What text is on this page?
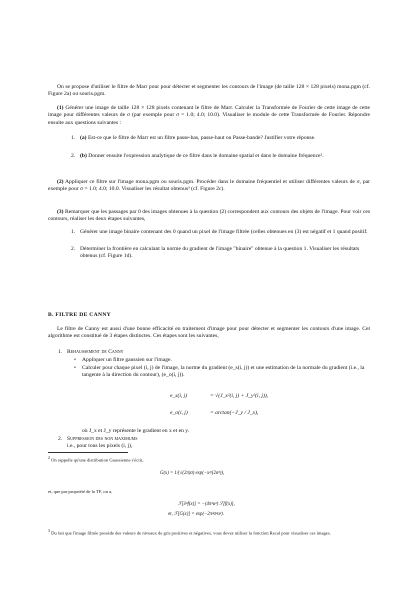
On se propose d'utiliser le filtre de Marr pour pour détecter et segmenter les contours de l'image (de taille 128 × 128 pixels) mona.pgm (cf. Figure 2a) ou souris.pgm.

(1) Générer une image de taille 128 × 128 pixels contenant le filtre de Marr. Calculer la Transformée de Fourier de cette image de cette image pour différentes valeurs de σ (par exemple pour σ = 1.0; 4.0; 10.0). Visualiser le module de cette Transformée de Fourier. Répondre ensuite aux questions suivantes :

1. (a) Est-ce que le filtre de Marr est un filtre passe-bas, passe-haut ou Passe-bande? Justifier votre réponse.
2. (b) Donner ensuite l'expression analytique de ce filtre dans le domaine spatial et dans le domaine fréquence².

(2) Appliquer ce filtre sur l'image mona.pgm ou souris.pgm. Procéder dans le domaine fréquentiel et utiliser différentes valeurs de σ, par exemple pour σ = 1.0; 4.0; 10.0. Visualiser les résultat obtenus³ (cf. Figure 2c).

(3) Remarquer que les passages par 0 des images obtenues à la question (2) correspondent aux contours des objets de l'image. Pour voir ces contours, réaliser les deux étapes suivantes,

1. Générer une image binaire contenant des 0 quand un pixel de l'image filtrée (celles obtenues en (3) est négatif et 1 quand positif.
2. Déterminer la frontière en calculant la norme du gradient de l'image "binaire" obtenue à la question 1. Visualiser les résultats obtenus (cf. Figure 1d).
B. FILTRE DE CANNY

Le filtre de Canny est aussi d'une bonne efficacité en traitement d'image pour pour détecter et segmenter les contours d'une image. Cet algorithme est constitué de 3 étapes distinctes. Ces étapes sont les suivantes,

1. Rehaussement de Canny
• Appliquer un filtre gaussien sur l'image.
• Calculer pour chaque pixel (i, j) de l'image, la norme du gradient (e_s(i, j)) et une estimation de la normale du gradient (i.e., la tangente à la direction du contour), (e_o(i, j)).
e_s(i, j)	= √(J_x²(i, j) + J_y²(i, j)),
e_o(i, j)	= arctan(−J_y / J_x),
où J_x et J_y représente le gradient en x et en y.
2. Suppression des non maximums
i.e., pour tous les pixels (i, j),

$^2$ On rappelle qu'une distribution Gaussienne s'écrit,

G(x) = 1/(√(2π)σ) exp(−x²/(2σ²)),

et, que par propriété de la TF, on a,

ℱ[∂ⁿf(x)] = −(4π²u²) ℱ[f(x)],
et, ℱ[G(x)] = exp(−2π²σ²u²).

$^3$ Du fait que l'image filtrée possède des valeurs de niveaux de gris positives et négatives, vous devez utiliser la fonction Recal pour visualiser ces images.
